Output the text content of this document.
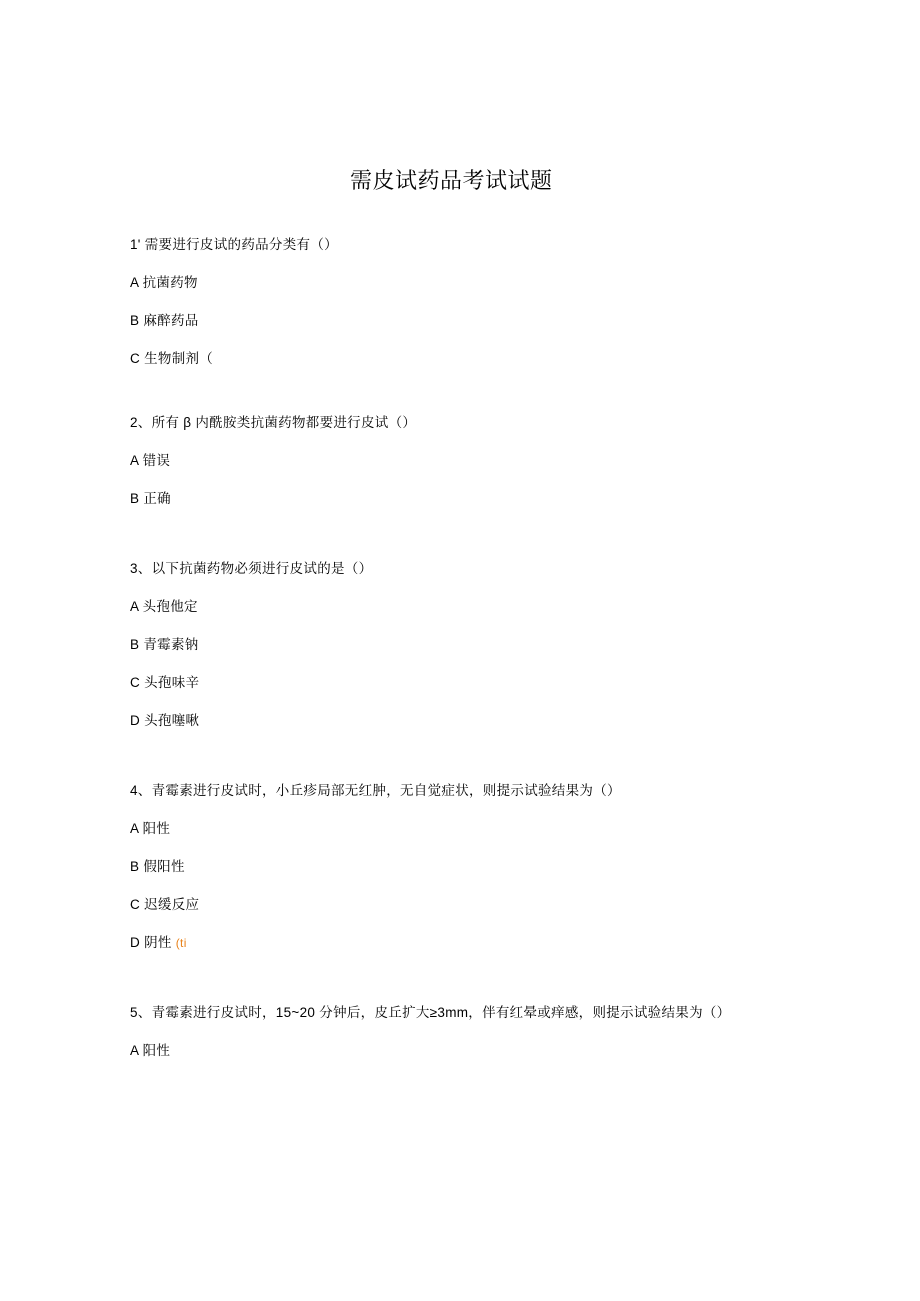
需皮试药品考试试题

1' 需要进行皮试的药品分类有（）

A 抗菌药物

B 麻醉药品

C 生物制剂（

2、所有 β 内酰胺类抗菌药物都要进行皮试（）

A 错误

B 正确

3、以下抗菌药物必须进行皮试的是（）

A 头孢他定

B 青霉素钠

C 头孢味辛

D 头孢噻啾

4、青霉素进行皮试时，小丘疹局部无红肿，无自觉症状，则提示试验结果为（）

A 阳性

B 假阳性

C 迟缓反应

D 阴性 (ti

5、青霉素进行皮试时，15~20 分钟后，皮丘扩大≥3mm，伴有红晕或痒感，则提示试验结果为（）

A 阳性
